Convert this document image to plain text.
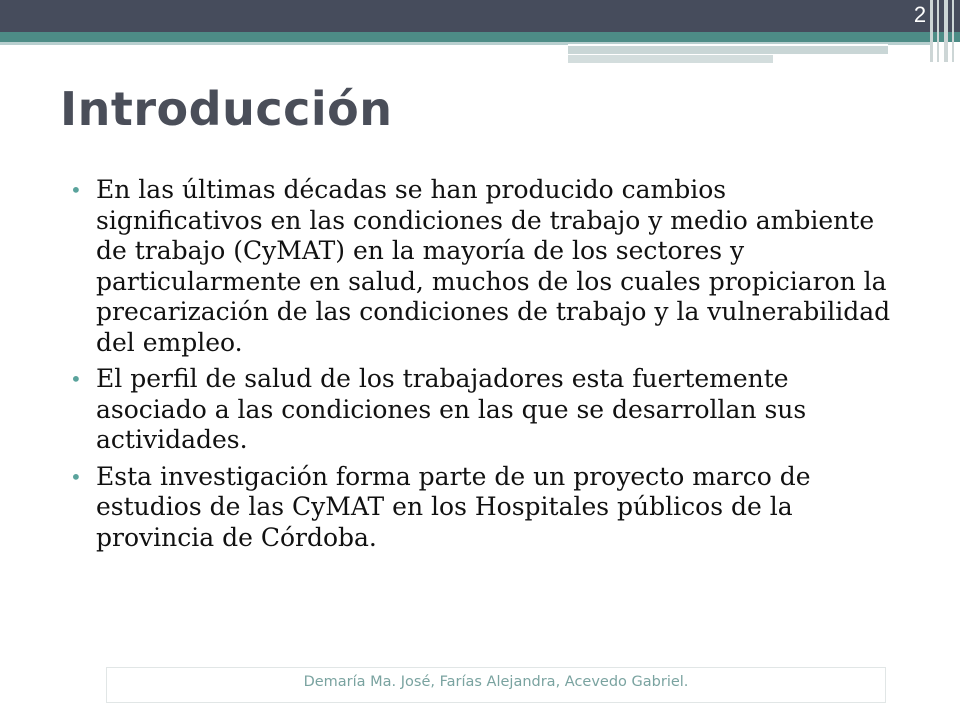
2
Introducción
• En las últimas décadas se han producido cambios significativos en las condiciones de trabajo y medio ambiente de trabajo (CyMAT) en la mayoría de los sectores y particularmente en salud, muchos de los cuales propiciaron la precarización de las condiciones de trabajo y la vulnerabilidad del empleo.
• El perfil de salud de los trabajadores esta fuertemente asociado a las condiciones en las que se desarrollan sus actividades.
• Esta investigación forma parte de un proyecto marco de estudios de las CyMAT en los Hospitales públicos de la provincia de Córdoba.
Demaría Ma. José, Farías Alejandra, Acevedo Gabriel.
